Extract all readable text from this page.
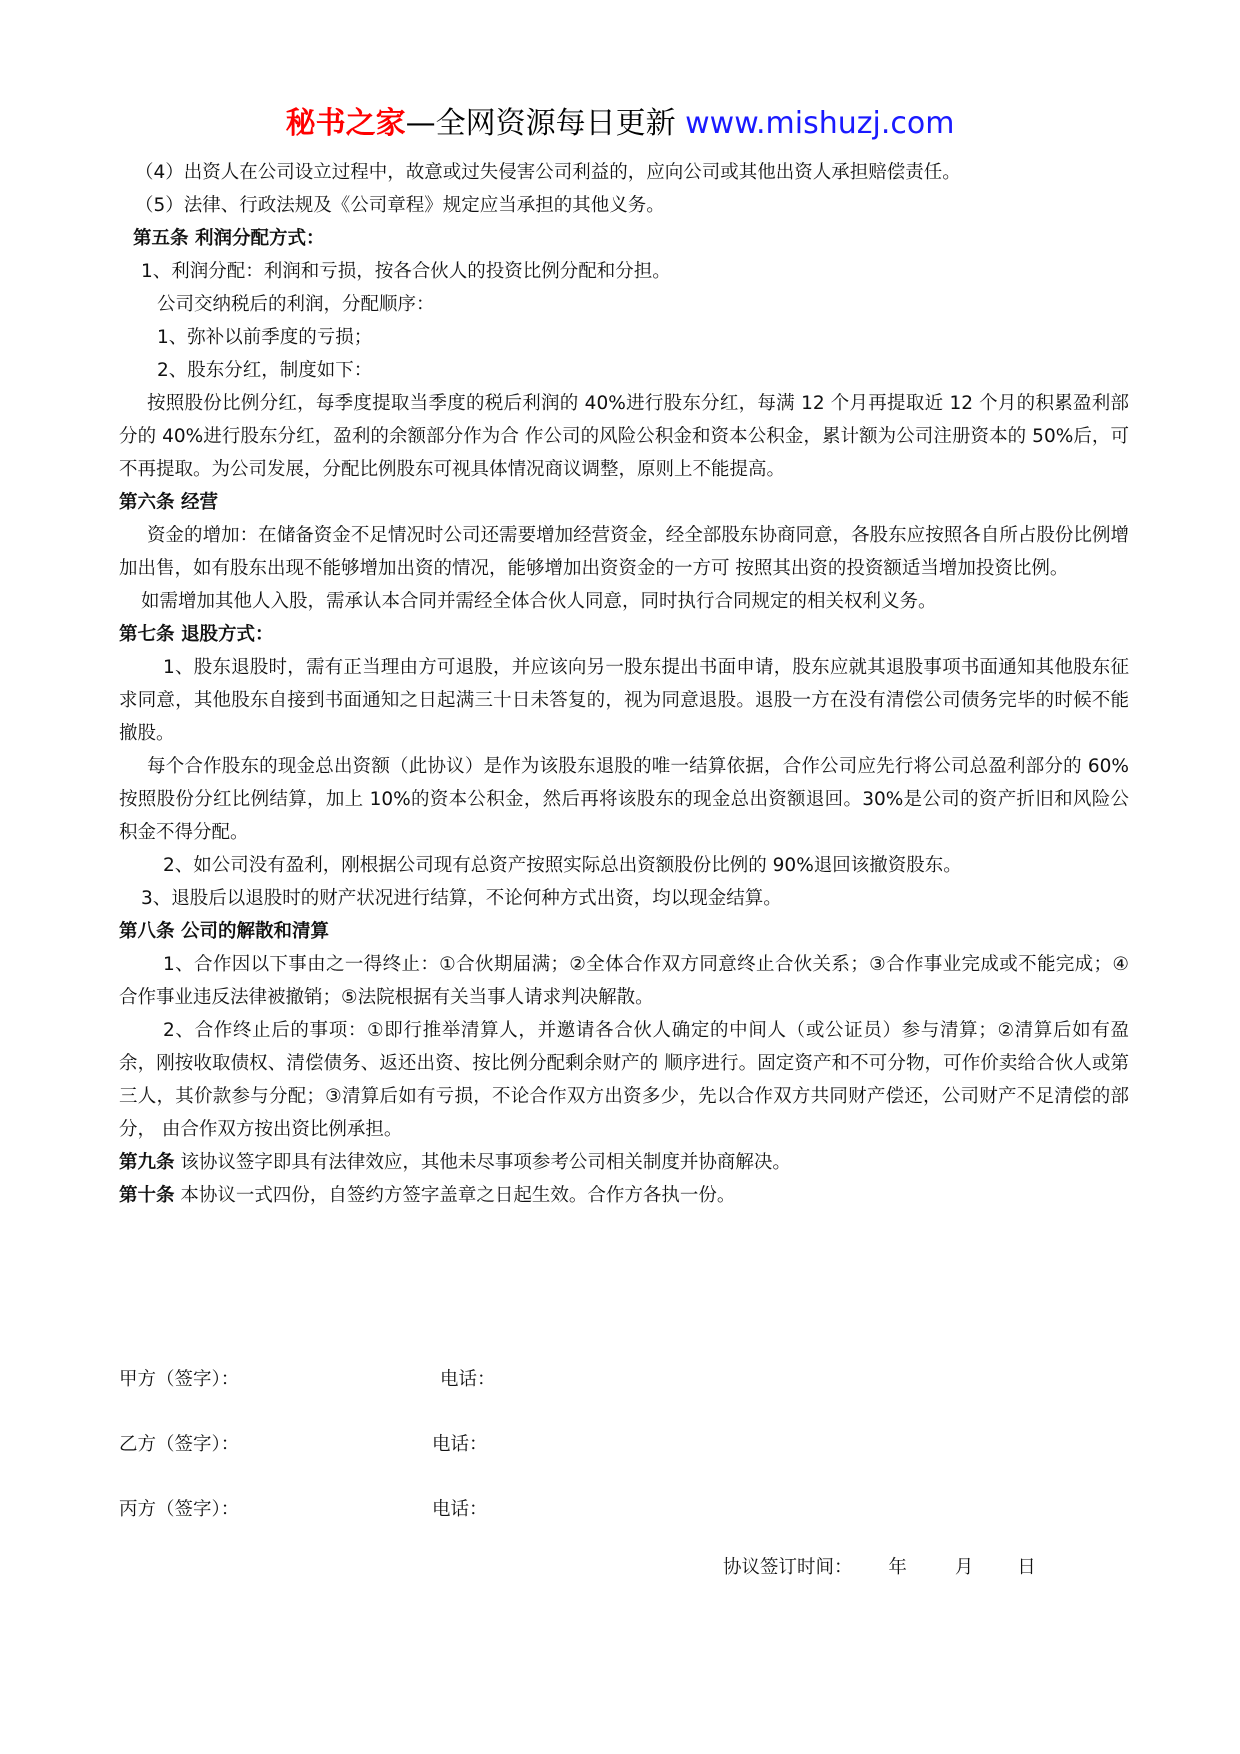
秘书之家—全网资源每日更新 www.mishuzj.com

（4）出资人在公司设立过程中，故意或过失侵害公司利益的，应向公司或其他出资人承担赔偿责任。

（5）法律、行政法规及《公司章程》规定应当承担的其他义务。

第五条 利润分配方式：

1、利润分配：利润和亏损，按各合伙人的投资比例分配和分担。

公司交纳税后的利润，分配顺序：

1、弥补以前季度的亏损；

2、股东分红，制度如下：

按照股份比例分红，每季度提取当季度的税后利润的 40%进行股东分红，每满 12 个月再提取近 12 个月的积累盈利部分的 40%进行股东分红，盈利的余额部分作为合 作公司的风险公积金和资本公积金，累计额为公司注册资本的 50%后，可不再提取。为公司发展，分配比例股东可视具体情况商议调整，原则上不能提高。

第六条 经营

资金的增加：在储备资金不足情况时公司还需要增加经营资金，经全部股东协商同意，各股东应按照各自所占股份比例增加出售，如有股东出现不能够增加出资的情况，能够增加出资资金的一方可 按照其出资的投资额适当增加投资比例。

如需增加其他人入股，需承认本合同并需经全体合伙人同意，同时执行合同规定的相关权利义务。

第七条 退股方式：

1、股东退股时，需有正当理由方可退股，并应该向另一股东提出书面申请，股东应就其退股事项书面通知其他股东征求同意，其他股东自接到书面通知之日起满三十日未答复的，视为同意退股。退股一方在没有清偿公司债务完毕的时候不能撤股。

每个合作股东的现金总出资额（此协议）是作为该股东退股的唯一结算依据，合作公司应先行将公司总盈利部分的 60%按照股份分红比例结算，加上 10%的资本公积金，然后再将该股东的现金总出资额退回。30%是公司的资产折旧和风险公积金不得分配。

2、如公司没有盈利，刚根据公司现有总资产按照实际总出资额股份比例的 90%退回该撤资股东。

3、退股后以退股时的财产状况进行结算，不论何种方式出资，均以现金结算。

第八条 公司的解散和清算

1、合作因以下事由之一得终止：①合伙期届满；②全体合作双方同意终止合伙关系；③合作事业完成或不能完成；④合作事业违反法律被撤销；⑤法院根据有关当事人请求判决解散。

2、合作终止后的事项：①即行推举清算人，并邀请各合伙人确定的中间人（或公证员）参与清算；②清算后如有盈余，刚按收取债权、清偿债务、返还出资、按比例分配剩余财产的 顺序进行。固定资产和不可分物，可作价卖给合伙人或第三人，其价款参与分配；③清算后如有亏损，不论合作双方出资多少，先以合作双方共同财产偿还，公司财产不足清偿的部分， 由合作双方按出资比例承担。

第九条 该协议签字即具有法律效应，其他未尽事项参考公司相关制度并协商解决。

第十条 本协议一式四份，自签约方签字盖章之日起生效。合作方各执一份。

甲方（签字）：	电话：
乙方（签字）：	电话：
丙方（签字）：	电话：
协议签订时间： 年	月 日
